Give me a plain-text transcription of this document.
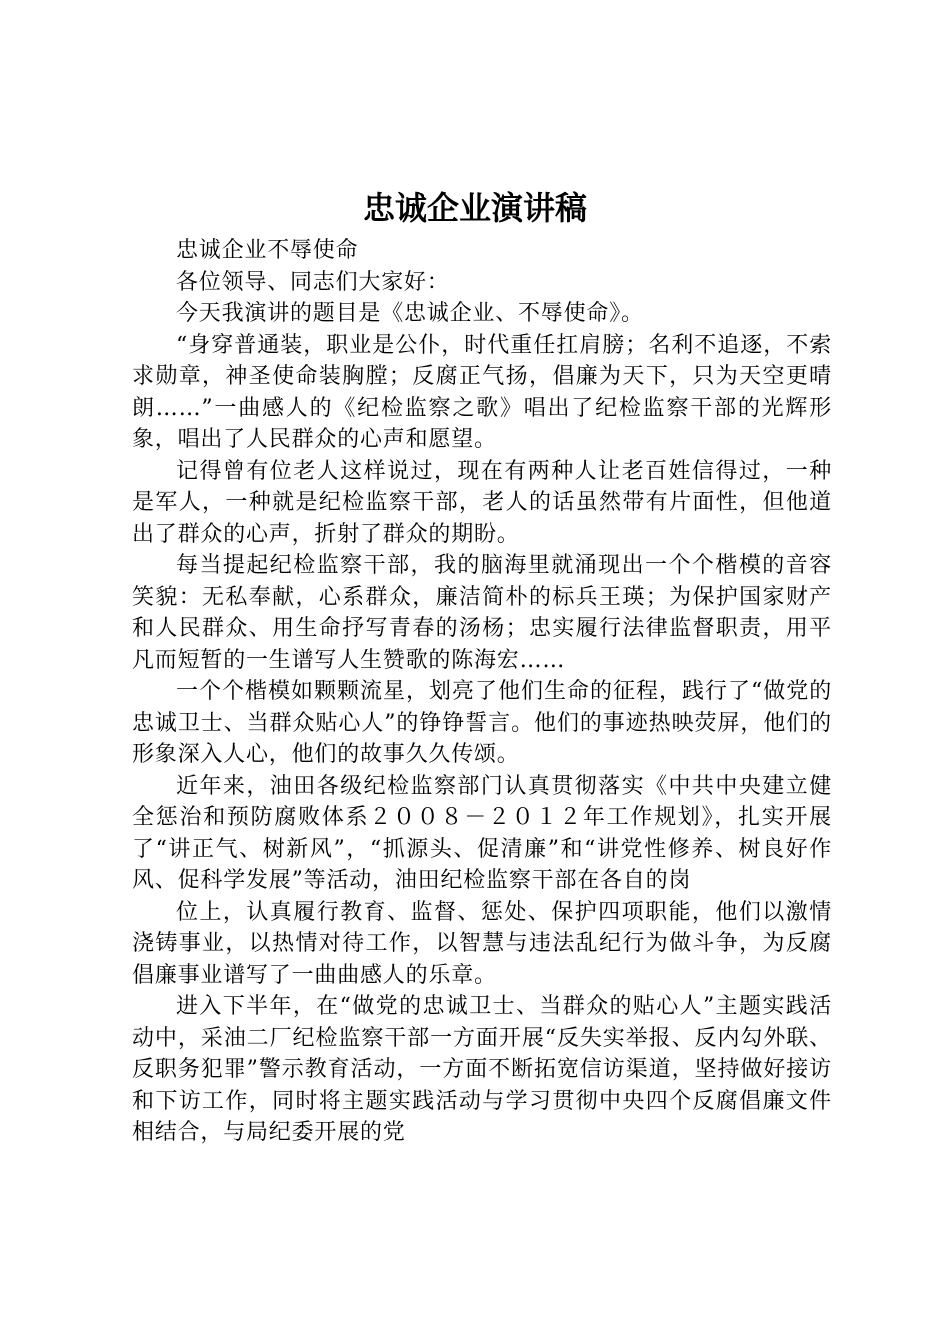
忠诚企业演讲稿

忠诚企业不辱使命

各位领导、同志们大家好：

今天我演讲的题目是《忠诚企业、不辱使命》。

“身穿普通装，职业是公仆，时代重任扛肩膀；名利不追逐，不索求勋章，神圣使命装胸膛；反腐正气扬，倡廉为天下，只为天空更晴朗……”一曲感人的《纪检监察之歌》唱出了纪检监察干部的光辉形象，唱出了人民群众的心声和愿望。

记得曾有位老人这样说过，现在有两种人让老百姓信得过，一种是军人，一种就是纪检监察干部，老人的话虽然带有片面性，但他道出了群众的心声，折射了群众的期盼。

每当提起纪检监察干部，我的脑海里就涌现出一个个楷模的音容笑貌：无私奉献，心系群众，廉洁简朴的标兵王瑛；为保护国家财产和人民群众、用生命抒写青春的汤杨；忠实履行法律监督职责，用平凡而短暂的一生谱写人生赞歌的陈海宏……

一个个楷模如颗颗流星，划亮了他们生命的征程，践行了“做党的忠诚卫士、当群众贴心人”的铮铮誓言。他们的事迹热映荧屏，他们的形象深入人心，他们的故事久久传颂。

近年来，油田各级纪检监察部门认真贯彻落实《中共中央建立健全惩治和预防腐败体系２００８－２０１２年工作规划》，扎实开展了“讲正气、树新风”，“抓源头、促清廉”和“讲党性修养、树良好作风、促科学发展”等活动，油田纪检监察干部在各自的岗

位上，认真履行教育、监督、惩处、保护四项职能，他们以激情浇铸事业，以热情对待工作，以智慧与违法乱纪行为做斗争，为反腐倡廉事业谱写了一曲曲感人的乐章。

进入下半年，在“做党的忠诚卫士、当群众的贴心人”主题实践活动中，采油二厂纪检监察干部一方面开展“反失实举报、反内勾外联、反职务犯罪”警示教育活动，一方面不断拓宽信访渠道，坚持做好接访和下访工作，同时将主题实践活动与学习贯彻中央四个反腐倡廉文件相结合，与局纪委开展的党
